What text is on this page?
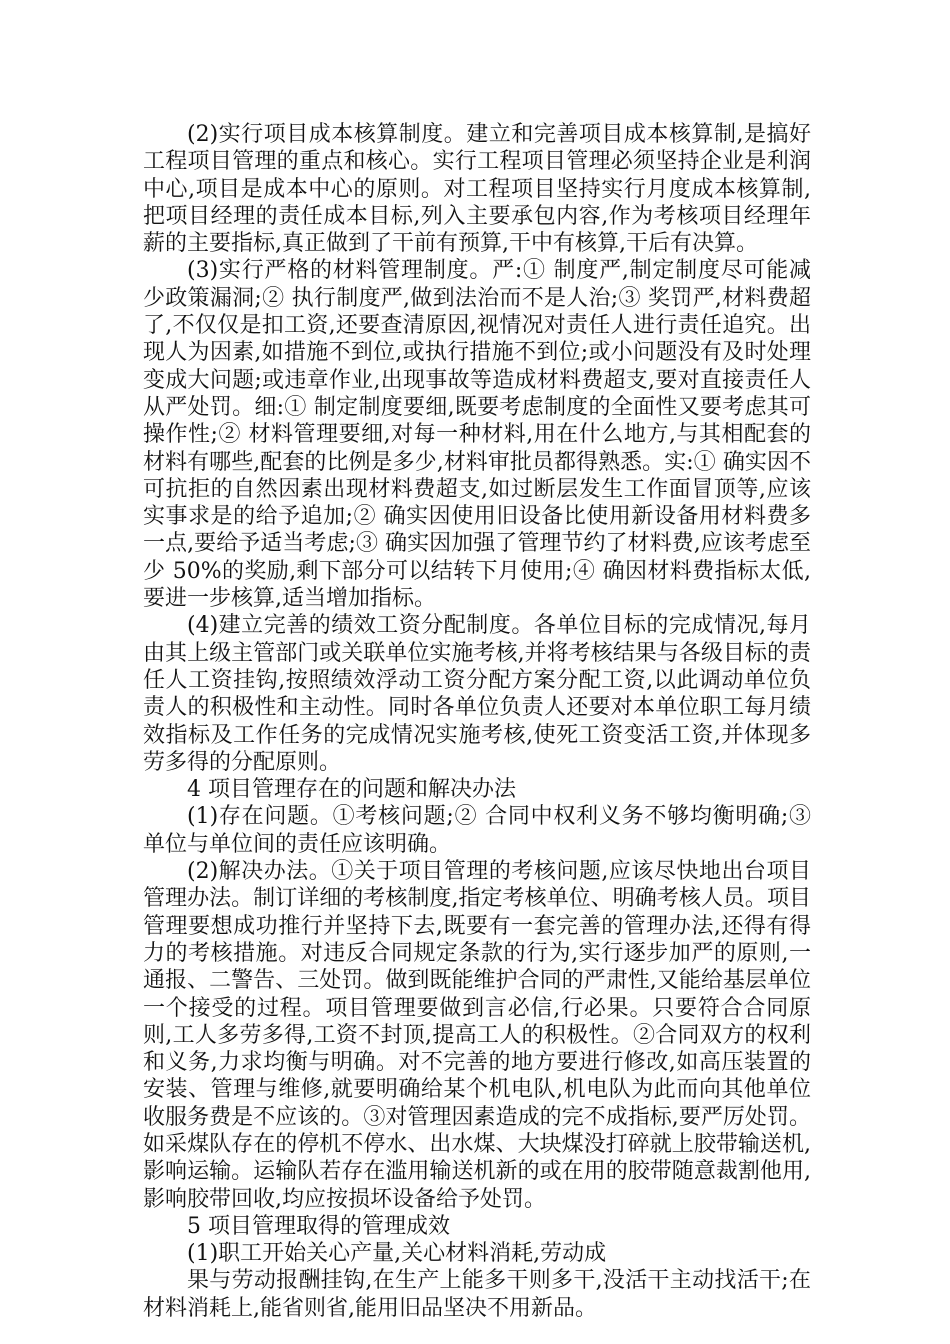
(2)实行项目成本核算制度。建立和完善项目成本核算制,是搞好工程项目管理的重点和核心。实行工程项目管理必须坚持企业是利润中心,项目是成本中心的原则。对工程项目坚持实行月度成本核算制,把项目经理的责任成本目标,列入主要承包内容,作为考核项目经理年薪的主要指标,真正做到了干前有预算,干中有核算,干后有决算。

(3)实行严格的材料管理制度。严:① 制度严,制定制度尽可能减少政策漏洞;② 执行制度严,做到法治而不是人治;③ 奖罚严,材料费超了,不仅仅是扣工资,还要查清原因,视情况对责任人进行责任追究。出现人为因素,如措施不到位,或执行措施不到位;或小问题没有及时处理变成大问题;或违章作业,出现事故等造成材料费超支,要对直接责任人从严处罚。细:① 制定制度要细,既要考虑制度的全面性又要考虑其可操作性;② 材料管理要细,对每一种材料,用在什么地方,与其相配套的材料有哪些,配套的比例是多少,材料审批员都得熟悉。实:① 确实因不可抗拒的自然因素出现材料费超支,如过断层发生工作面冒顶等,应该实事求是的给予追加;② 确实因使用旧设备比使用新设备用材料费多一点,要给予适当考虑;③ 确实因加强了管理节约了材料费,应该考虑至少 50%的奖励,剩下部分可以结转下月使用;④ 确因材料费指标太低,要进一步核算,适当增加指标。

(4)建立完善的绩效工资分配制度。各单位目标的完成情况,每月由其上级主管部门或关联单位实施考核,并将考核结果与各级目标的责任人工资挂钩,按照绩效浮动工资分配方案分配工资,以此调动单位负责人的积极性和主动性。同时各单位负责人还要对本单位职工每月绩效指标及工作任务的完成情况实施考核,使死工资变活工资,并体现多劳多得的分配原则。

4 项目管理存在的问题和解决办法

(1)存在问题。①考核问题;② 合同中权利义务不够均衡明确;③ 单位与单位间的责任应该明确。

(2)解决办法。①关于项目管理的考核问题,应该尽快地出台项目管理办法。制订详细的考核制度,指定考核单位、明确考核人员。项目管理要想成功推行并坚持下去,既要有一套完善的管理办法,还得有得力的考核措施。对违反合同规定条款的行为,实行逐步加严的原则,一通报、二警告、三处罚。做到既能维护合同的严肃性,又能给基层单位一个接受的过程。项目管理要做到言必信,行必果。只要符合合同原则,工人多劳多得,工资不封顶,提高工人的积极性。②合同双方的权利和义务,力求均衡与明确。对不完善的地方要进行修改,如高压装置的安装、管理与维修,就要明确给某个机电队,机电队为此而向其他单位收服务费是不应该的。③对管理因素造成的完不成指标,要严厉处罚。如采煤队存在的停机不停水、出水煤、大块煤没打碎就上胶带输送机,影响运输。运输队若存在滥用输送机新的或在用的胶带随意裁割他用,影响胶带回收,均应按损坏设备给予处罚。

5 项目管理取得的管理成效

(1)职工开始关心产量,关心材料消耗,劳动成

果与劳动报酬挂钩,在生产上能多干则多干,没活干主动找活干;在材料消耗上,能省则省,能用旧品坚决不用新品。
